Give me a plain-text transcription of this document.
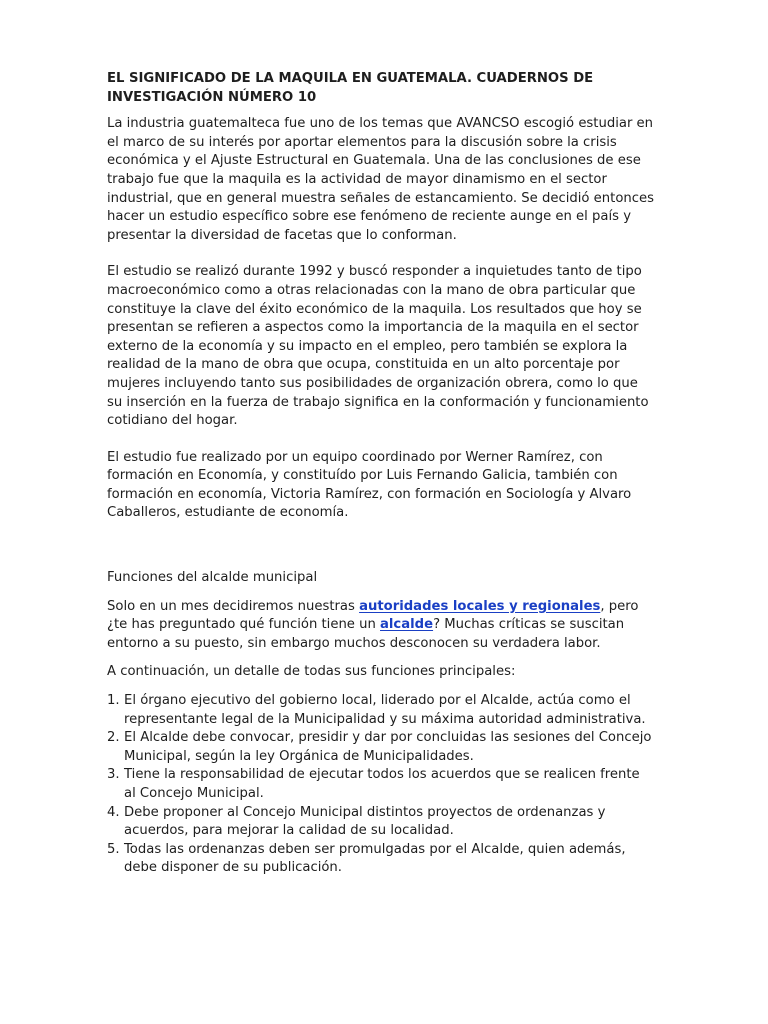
EL SIGNIFICADO DE LA MAQUILA EN GUATEMALA. CUADERNOS DE INVESTIGACIÓN NÚMERO 10

La industria guatemalteca fue uno de los temas que AVANCSO escogió estudiar en el marco de su interés por aportar elementos para la discusión sobre la crisis económica y el Ajuste Estructural en Guatemala. Una de las conclusiones de ese trabajo fue que la maquila es la actividad de mayor dinamismo en el sector industrial, que en general muestra señales de estancamiento. Se decidió entonces hacer un estudio específico sobre ese fenómeno de reciente aunge en el país y presentar la diversidad de facetas que lo conforman.

El estudio se realizó durante 1992 y buscó responder a inquietudes tanto de tipo macroeconómico como a otras relacionadas con la mano de obra particular que constituye la clave del éxito económico de la maquila. Los resultados que hoy se presentan se refieren a aspectos como la importancia de la maquila en el sector externo de la economía y su impacto en el empleo, pero también se explora la realidad de la mano de obra que ocupa, constituida en un alto porcentaje por mujeres incluyendo tanto sus posibilidades de organización obrera, como lo que su inserción en la fuerza de trabajo significa en la conformación y funcionamiento cotidiano del hogar.

El estudio fue realizado por un equipo coordinado por Werner Ramírez, con formación en Economía, y constituído por Luis Fernando Galicia, también con formación en economía, Victoria Ramírez, con formación en Sociología y Alvaro Caballeros, estudiante de economía.

Funciones del alcalde municipal

Solo en un mes decidiremos nuestras autoridades locales y regionales, pero ¿te has preguntado qué función tiene un alcalde? Muchas críticas se suscitan entorno a su puesto, sin embargo muchos desconocen su verdadera labor.

A continuación, un detalle de todas sus funciones principales:

1. El órgano ejecutivo del gobierno local, liderado por el Alcalde, actúa como el representante legal de la Municipalidad y su máxima autoridad administrativa.
2. El Alcalde debe convocar, presidir y dar por concluidas las sesiones del Concejo Municipal, según la ley Orgánica de Municipalidades.
3. Tiene la responsabilidad de ejecutar todos los acuerdos que se realicen frente al Concejo Municipal.
4. Debe proponer al Concejo Municipal distintos proyectos de ordenanzas y acuerdos, para mejorar la calidad de su localidad.
5. Todas las ordenanzas deben ser promulgadas por el Alcalde, quien además, debe disponer de su publicación.
